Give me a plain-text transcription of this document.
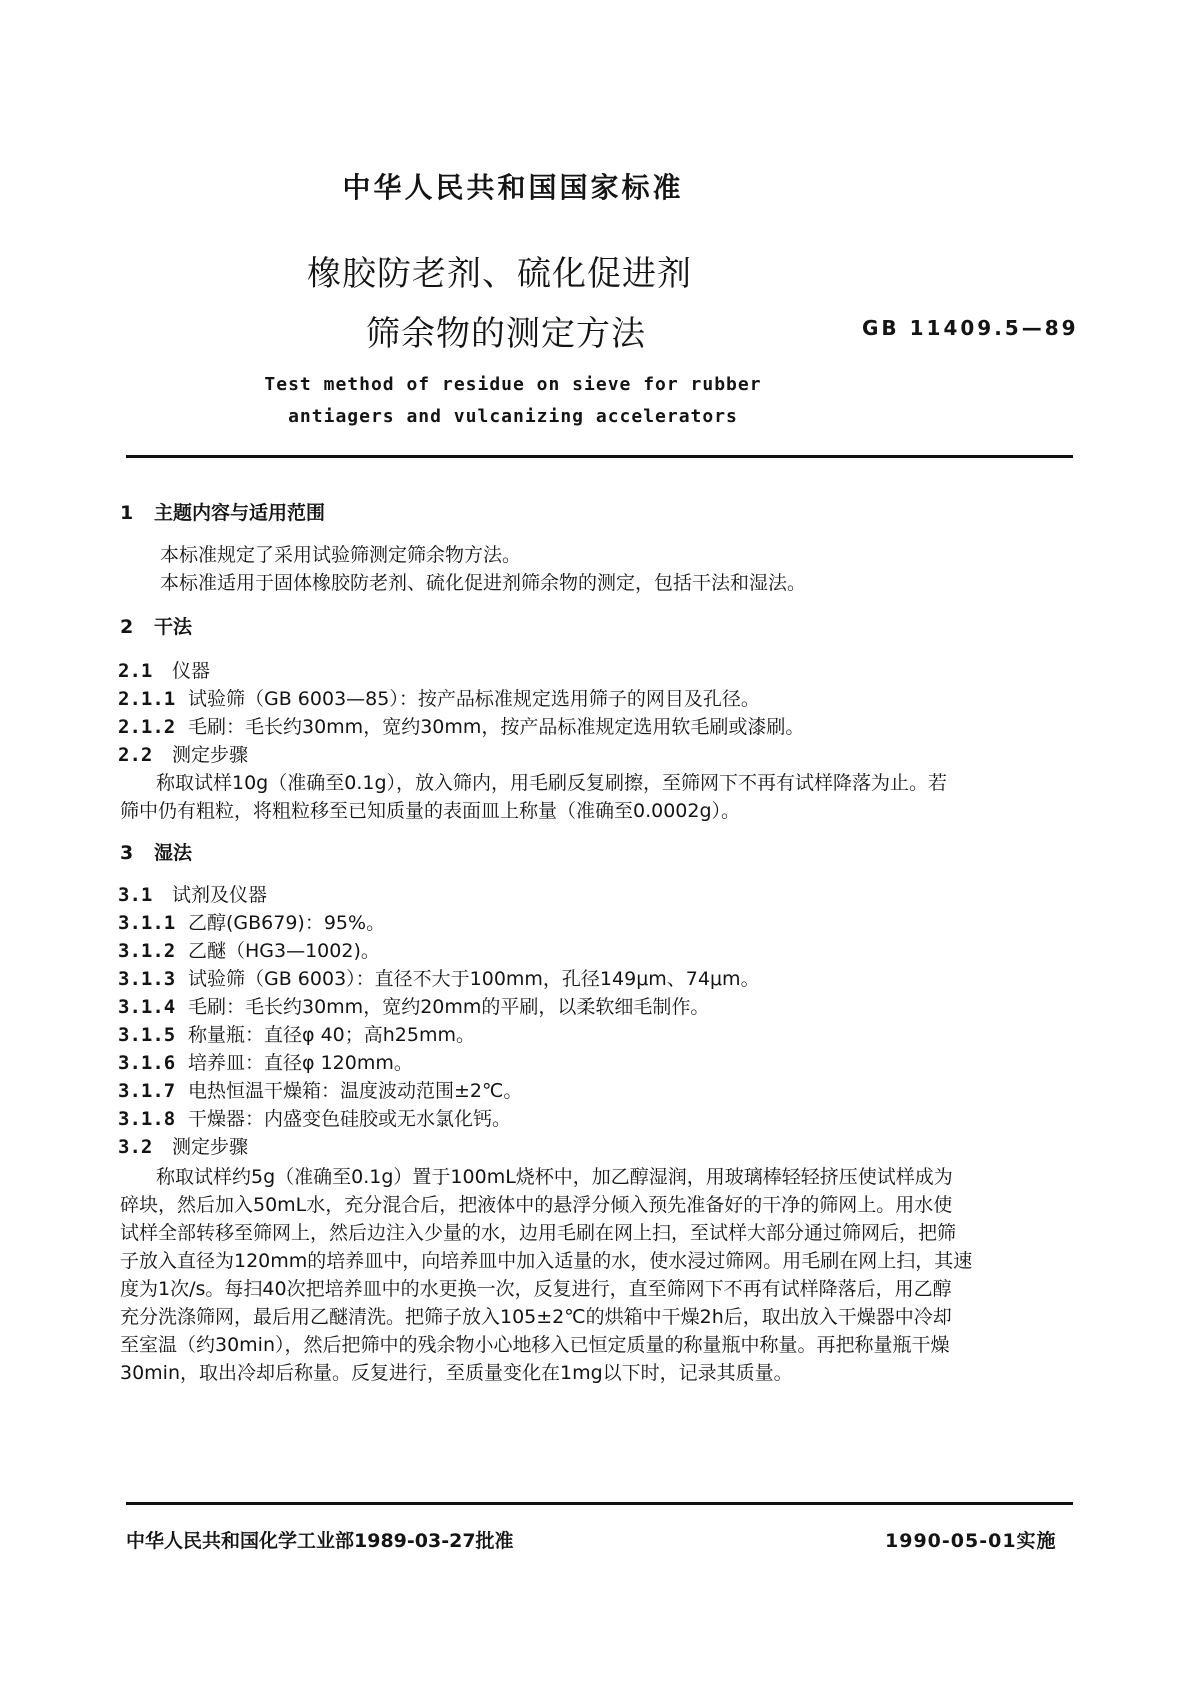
中华人民共和国国家标准
橡胶防老剂、硫化促进剂
筛余物的测定方法	GB 11409.5—89
Test method of residue on sieve for rubber
antiagers and vulcanizing accelerators
1 主题内容与适用范围
本标准规定了采用试验筛测定筛余物方法。
本标准适用于固体橡胶防老剂、硫化促进剂筛余物的测定，包括干法和湿法。
2 干法
2.1 仪器
2.1.1 试验筛（GB 6003—85）：按产品标准规定选用筛子的网目及孔径。
2.1.2 毛刷：毛长约30mm，宽约30mm，按产品标准规定选用软毛刷或漆刷。
2.2 测定步骤
称取试样10g（准确至0.1g），放入筛内，用毛刷反复刷擦，至筛网下不再有试样降落为止。若
筛中仍有粗粒，将粗粒移至已知质量的表面皿上称量（准确至0.0002g）。
3 湿法
3.1 试剂及仪器
3.1.1 乙醇(GB679)：95%。
3.1.2 乙醚（HG3—1002)。
3.1.3 试验筛（GB 6003）：直径不大于100mm，孔径149μm、74μm。
3.1.4 毛刷：毛长约30mm，宽约20mm的平刷，以柔软细毛制作。
3.1.5 称量瓶：直径φ 40；高h25mm。
3.1.6 培养皿：直径φ 120mm。
3.1.7 电热恒温干燥箱：温度波动范围±2℃。
3.1.8 干燥器：内盛变色硅胶或无水氯化钙。
3.2 测定步骤
称取试样约5g（准确至0.1g）置于100mL烧杯中，加乙醇湿润，用玻璃棒轻轻挤压使试样成为
碎块，然后加入50mL水，充分混合后，把液体中的悬浮分倾入预先准备好的干净的筛网上。用水使
试样全部转移至筛网上，然后边注入少量的水，边用毛刷在网上扫，至试样大部分通过筛网后，把筛
子放入直径为120mm的培养皿中，向培养皿中加入适量的水，使水浸过筛网。用毛刷在网上扫，其速
度为1次/s。每扫40次把培养皿中的水更换一次，反复进行，直至筛网下不再有试样降落后，用乙醇
充分洗涤筛网，最后用乙醚清洗。把筛子放入105±2℃的烘箱中干燥2h后，取出放入干燥器中冷却
至室温（约30min），然后把筛中的残余物小心地移入已恒定质量的称量瓶中称量。再把称量瓶干燥
30min，取出冷却后称量。反复进行，至质量变化在1mg以下时，记录其质量。
中华人民共和国化学工业部1989-03-27批准	1990-05-01实施
